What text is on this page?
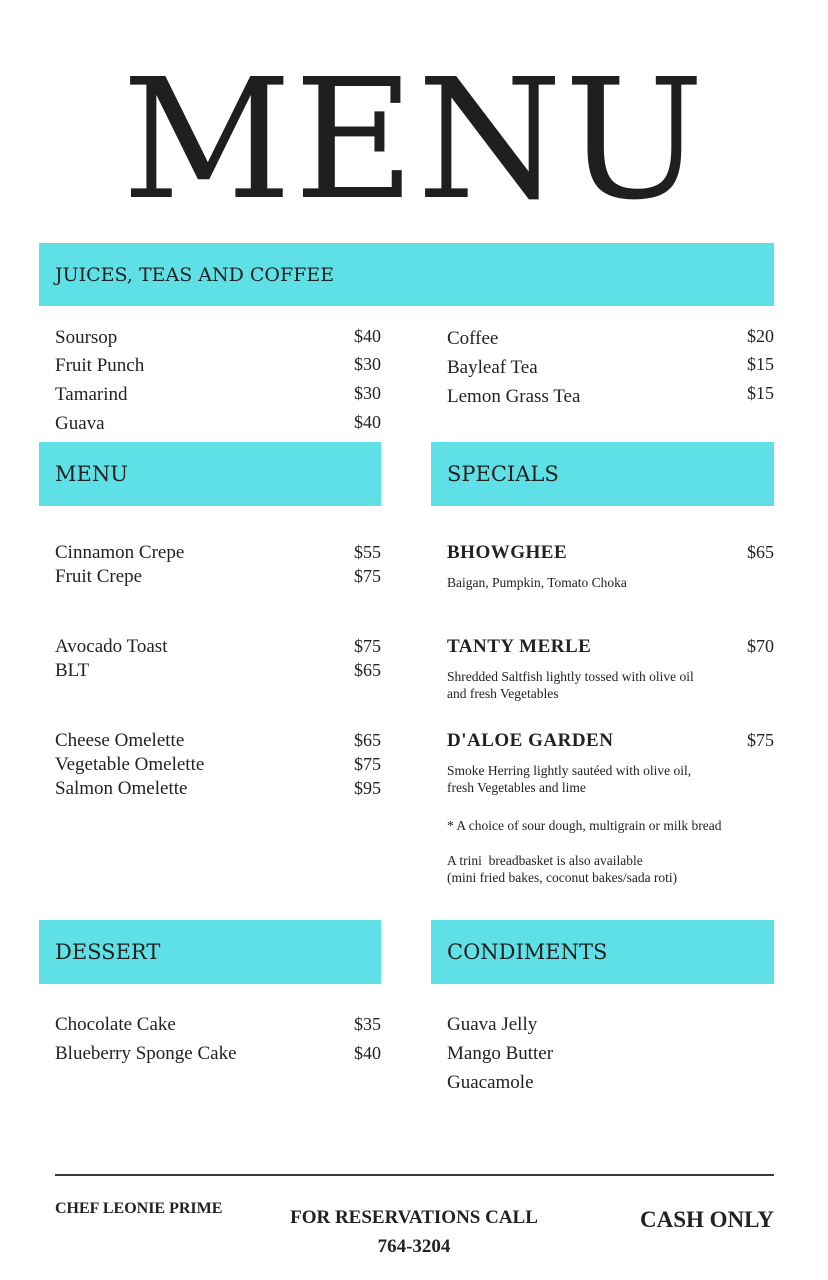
MENU
JUICES, TEAS AND COFFEE
Soursop	$40
Fruit Punch	$30
Tamarind	$30
Guava	$40
Coffee	$20
Bayleaf Tea	$15
Lemon Grass Tea	$15
MENU	SPECIALS
Cinnamon Crepe	$55
Fruit Crepe	$75
Avocado Toast	$75
BLT	$65
Cheese Omelette	$65
Vegetable Omelette	$75
Salmon Omelette	$95
BHOWGHEE	$65
Baigan, Pumpkin, Tomato Choka
TANTY MERLE	$70
Shredded Saltfish lightly tossed with olive oil
and fresh Vegetables
D'ALOE GARDEN	$75
Smoke Herring lightly sautéed with olive oil,
fresh Vegetables and lime
* A choice of sour dough, multigrain or milk bread
A trini  breadbasket is also available
(mini fried bakes, coconut bakes/sada roti)
DESSERT	CONDIMENTS
Chocolate Cake	$35
Blueberry Sponge Cake	$40
Guava Jelly
Mango Butter
Guacamole
CHEF LEONIE PRIME	FOR RESERVATIONS CALL
764-3204
CASH ONLY
